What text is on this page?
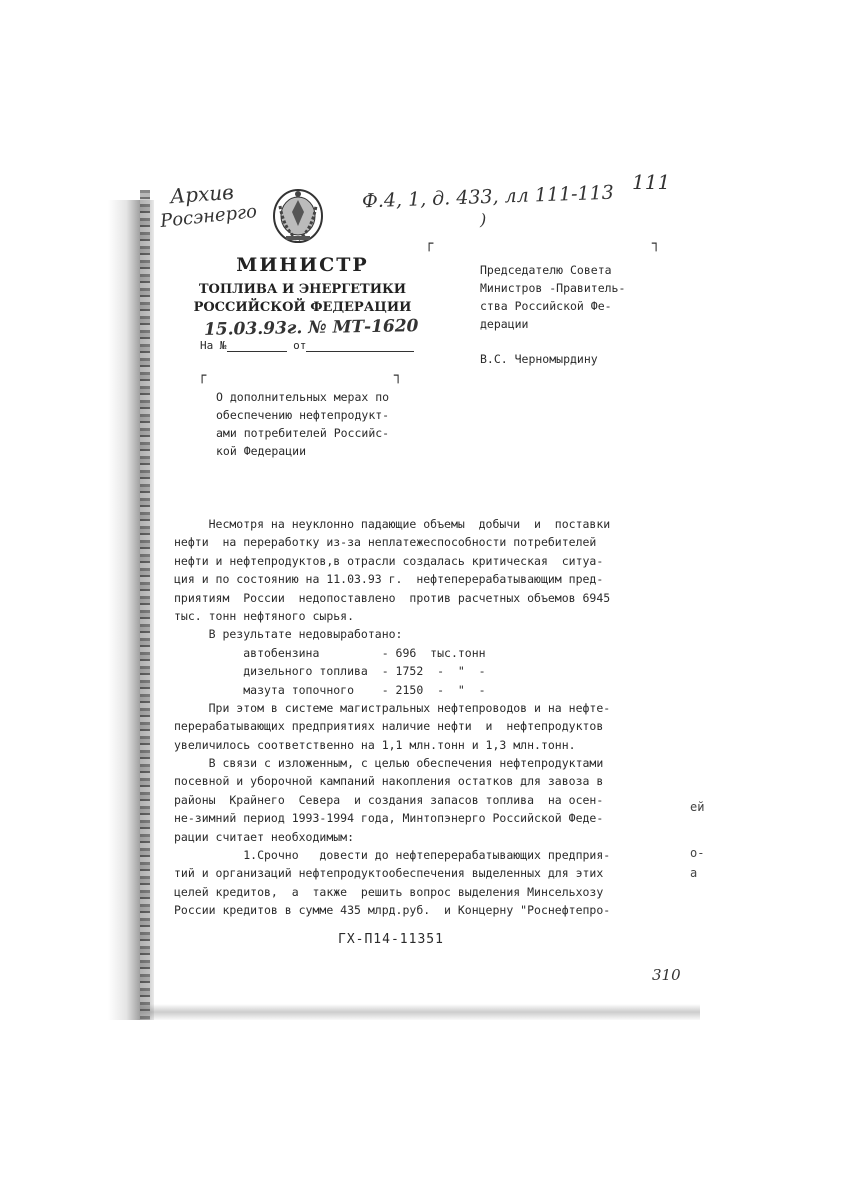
Архив
Росэнерго
Ф.4, 1, д. 433, лл 111-113
)
111
МИНИСТР
ТОПЛИВА И ЭНЕРГЕТИКИ
РОССИЙСКОЙ ФЕДЕРАЦИИ
15.03.93г. № МТ-1620
На №	от
┌	┐
┌	┐
О дополнительных мерах по
обеспечению нефтепродукт-
ами потребителей Российс-
кой Федерации
Председателю Совета
Министров -Правитель-
ства Российской Фе-
дерации
В.С. Черномырдину
Несмотря на неуклонно падающие объемы  добычи  и  поставки
нефти  на переработку из-за неплатежеспособности потребителей
нефти и нефтепродуктов,в отрасли создалась критическая  ситуа-
ция и по состоянию на 11.03.93 г.  нефтеперерабатывающим пред-
приятиям  России  недопоставлено  против расчетных объемов 6945
тыс. тонн нефтяного сырья.
В результате недовыработано:
автобензина         - 696  тыс.тонн
дизельного топлива  - 1752  -  "  -
мазута топочного    - 2150  -  "  -
При этом в системе магистральных нефтепроводов и на нефте-
перерабатывающих предприятиях наличие нефти  и  нефтепродуктов
увеличилось соответственно на 1,1 млн.тонн и 1,3 млн.тонн.
В связи с изложенным, с целью обеспечения нефтепродуктами
посевной и уборочной кампаний накопления остатков для завоза в
районы  Крайнего  Севера  и создания запасов топлива  на осен-
не-зимний период 1993-1994 года, Минтопэнерго Российской Феде-
рации считает необходимым:
1.Срочно   довести до нефтеперерабатывающих предприя-
тий и организаций нефтепродуктообеспечения выделенных для этих
целей кредитов,  а  также  решить вопрос выделения Минсельхозу
России кредитов в сумме 435 млрд.руб.  и Концерну "Роснефтепро-
ГХ-П14-11351
310
ей
о-
а
